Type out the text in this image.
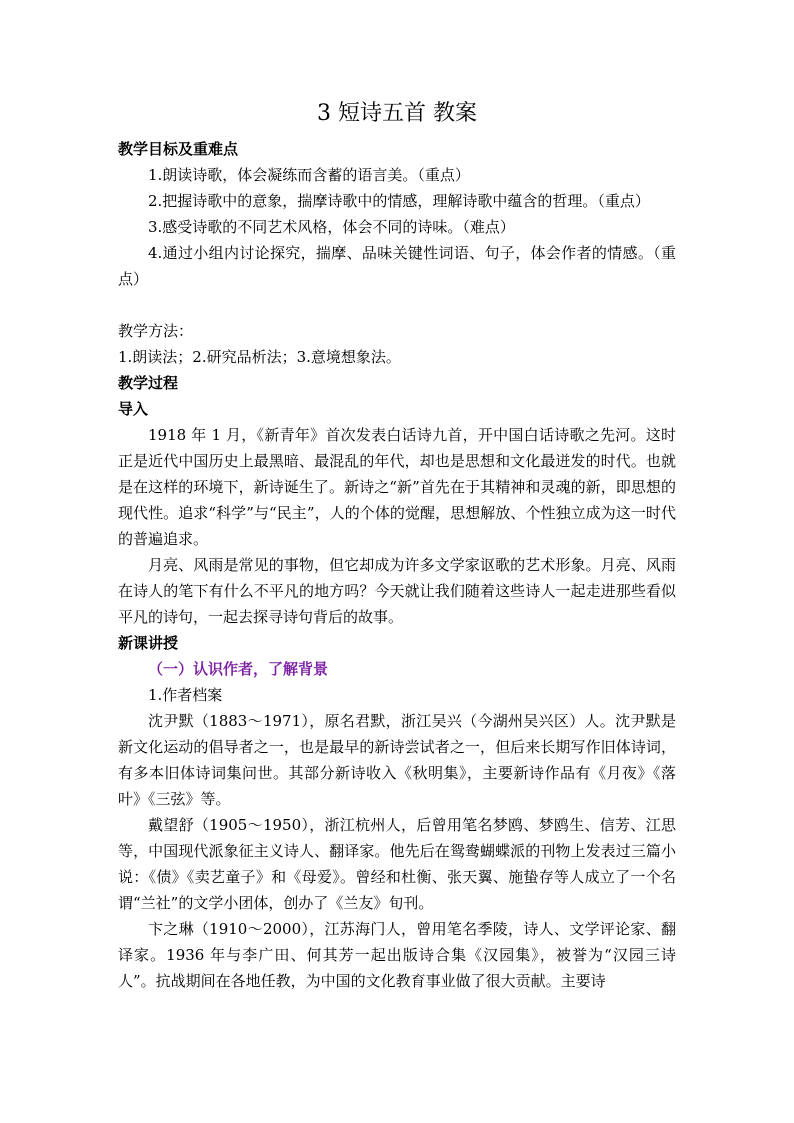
3 短诗五首 教案

教学目标及重难点

1.朗读诗歌，体会凝练而含蓄的语言美。（重点）

2.把握诗歌中的意象，揣摩诗歌中的情感，理解诗歌中蕴含的哲理。（重点）

3.感受诗歌的不同艺术风格，体会不同的诗味。（难点）

4.通过小组内讨论探究，揣摩、品味关键性词语、句子，体会作者的情感。（重点）

教学方法：

1.朗读法；2.研究品析法；3.意境想象法。

教学过程

导入

1918 年 1 月，《新青年》首次发表白话诗九首，开中国白话诗歌之先河。这时正是近代中国历史上最黑暗、最混乱的年代，却也是思想和文化最迸发的时代。也就是在这样的环境下，新诗诞生了。新诗之“新”首先在于其精神和灵魂的新，即思想的现代性。追求“科学”与“民主”，人的个体的觉醒，思想解放、个性独立成为这一时代的普遍追求。

月亮、风雨是常见的事物，但它却成为许多文学家讴歌的艺术形象。月亮、风雨在诗人的笔下有什么不平凡的地方吗？今天就让我们随着这些诗人一起走进那些看似平凡的诗句，一起去探寻诗句背后的故事。

新课讲授

（一）认识作者，了解背景

1.作者档案

沈尹默（1883～1971），原名君默，浙江吴兴（今湖州吴兴区）人。沈尹默是新文化运动的倡导者之一，也是最早的新诗尝试者之一，但后来长期写作旧体诗词，有多本旧体诗词集问世。其部分新诗收入《秋明集》，主要新诗作品有《月夜》《落叶》《三弦》等。

戴望舒（1905～1950），浙江杭州人，后曾用笔名梦鸥、梦鸥生、信芳、江思等，中国现代派象征主义诗人、翻译家。他先后在鸳鸯蝴蝶派的刊物上发表过三篇小说：《债》《卖艺童子》和《母爱》。曾经和杜衡、张天翼、施蛰存等人成立了一个名谓“兰社”的文学小团体，创办了《兰友》旬刊。

卞之琳（1910～2000），江苏海门人，曾用笔名季陵，诗人、文学评论家、翻译家。1936 年与李广田、何其芳一起出版诗合集《汉园集》，被誉为“汉园三诗人”。抗战期间在各地任教，为中国的文化教育事业做了很大贡献。主要诗
